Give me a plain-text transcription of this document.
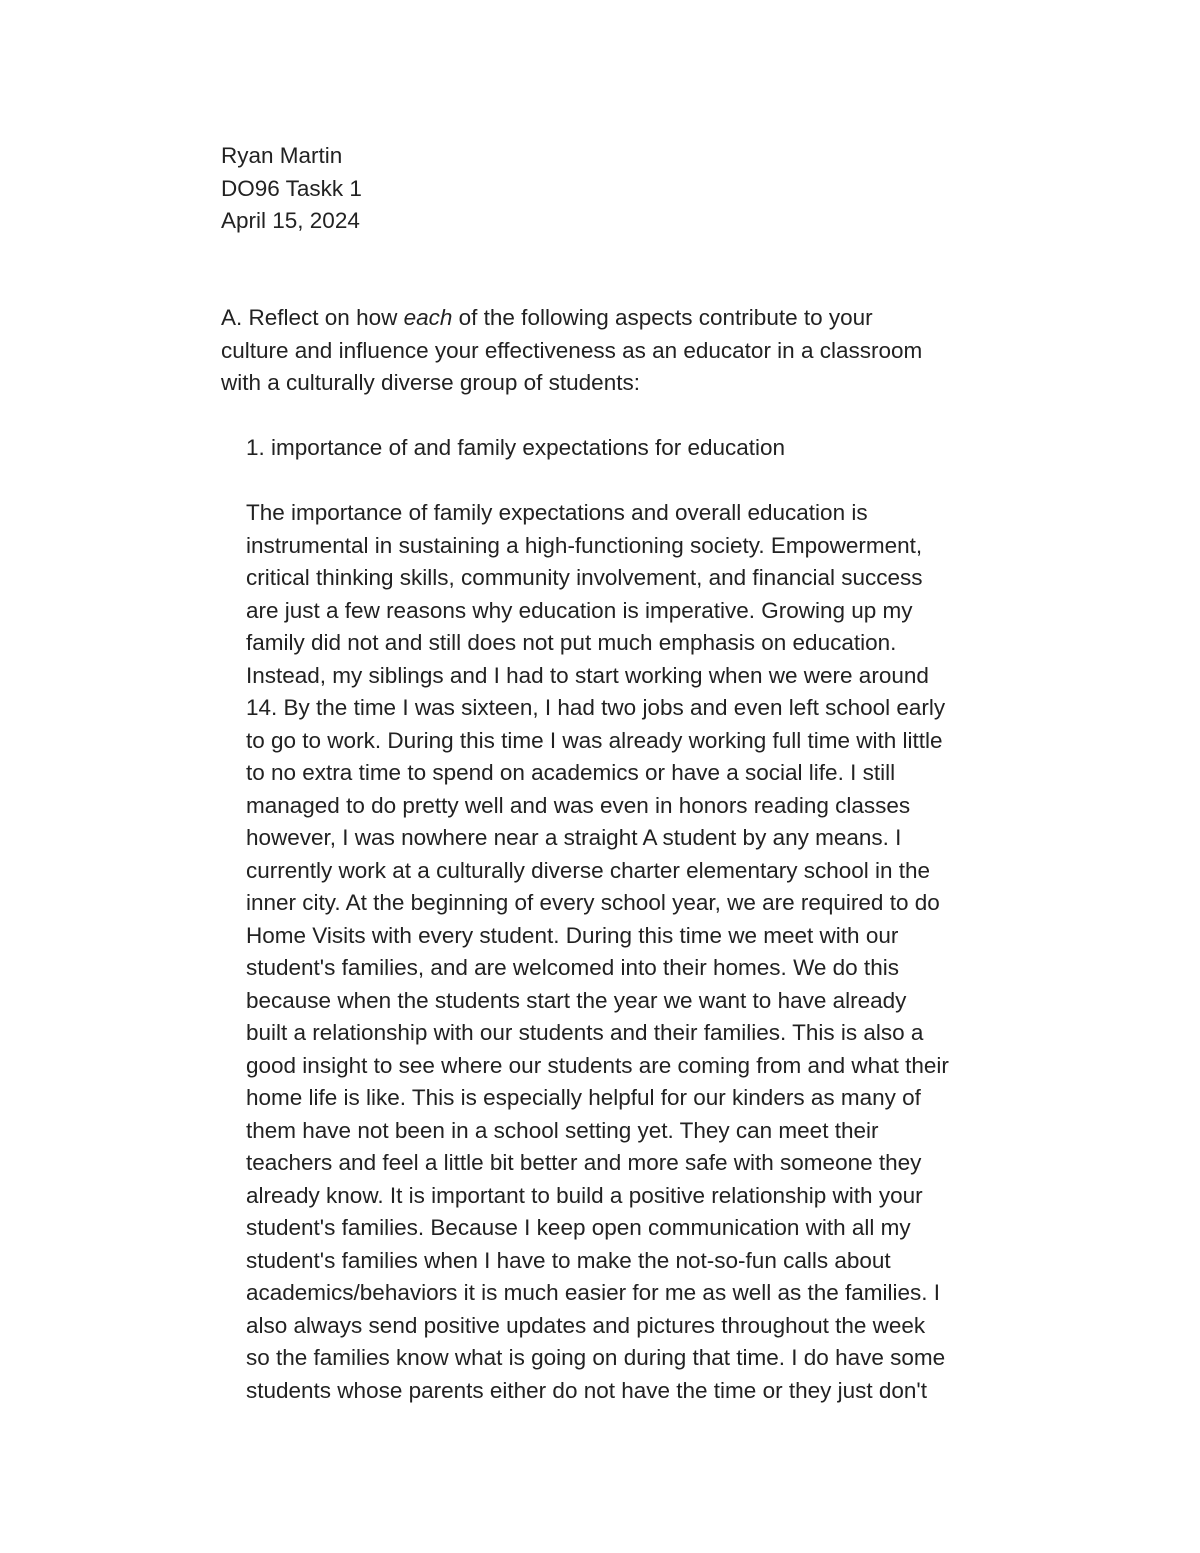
Ryan Martin
DO96 Taskk 1
April 15, 2024
A. Reflect on how each of the following aspects contribute to your
culture and influence your effectiveness as an educator in a classroom
with a culturally diverse group of students:
1. importance of and family expectations for education
The importance of family expectations and overall education is
instrumental in sustaining a high-functioning society. Empowerment,
critical thinking skills, community involvement, and financial success
are just a few reasons why education is imperative. Growing up my
family did not and still does not put much emphasis on education.
Instead, my siblings and I had to start working when we were around
14. By the time I was sixteen, I had two jobs and even left school early
to go to work. During this time I was already working full time with little
to no extra time to spend on academics or have a social life. I still
managed to do pretty well and was even in honors reading classes
however, I was nowhere near a straight A student by any means. I
currently work at a culturally diverse charter elementary school in the
inner city. At the beginning of every school year, we are required to do
Home Visits with every student. During this time we meet with our
student's families, and are welcomed into their homes. We do this
because when the students start the year we want to have already
built a relationship with our students and their families. This is also a
good insight to see where our students are coming from and what their
home life is like. This is especially helpful for our kinders as many of
them have not been in a school setting yet. They can meet their
teachers and feel a little bit better and more safe with someone they
already know. It is important to build a positive relationship with your
student's families. Because I keep open communication with all my
student's families when I have to make the not-so-fun calls about
academics/behaviors it is much easier for me as well as the families. I
also always send positive updates and pictures throughout the week
so the families know what is going on during that time. I do have some
students whose parents either do not have the time or they just don't
